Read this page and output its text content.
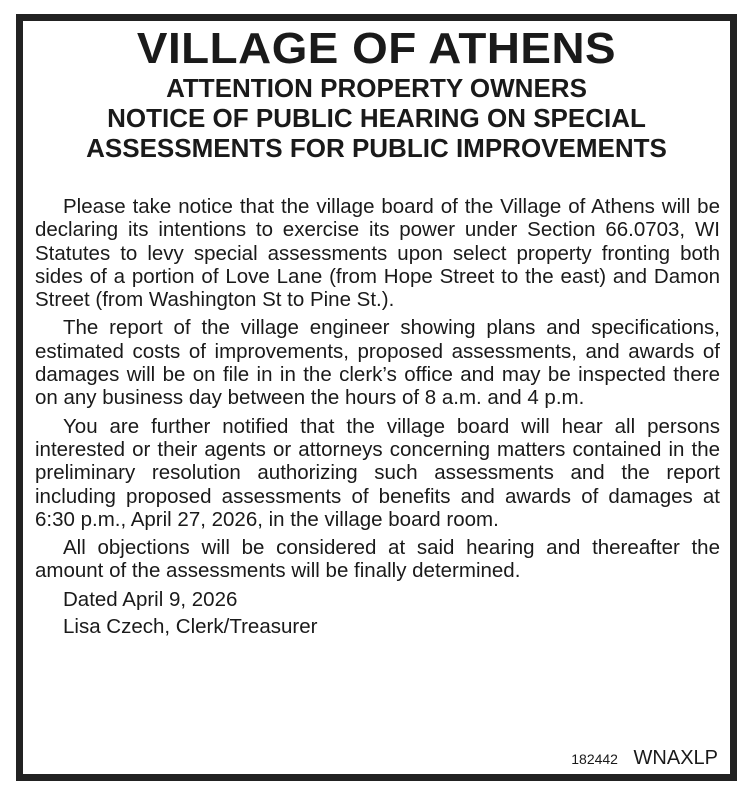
VILLAGE OF ATHENS
ATTENTION PROPERTY OWNERS
NOTICE OF PUBLIC HEARING ON SPECIAL
ASSESSMENTS FOR PUBLIC IMPROVEMENTS

Please take notice that the village board of the Village of Athens will be declaring its intentions to exercise its power under Section 66.0703, WI Statutes to levy special assessments upon select property fronting both sides of a portion of Love Lane (from Hope Street to the east) and Damon Street (from Washington St to Pine St.).

The report of the village engineer showing plans and specifications, estimated costs of improvements, proposed assessments, and awards of damages will be on file in in the clerk’s office and may be inspected there on any business day between the hours of 8 a.m. and 4 p.m.

You are further notified that the village board will hear all persons interested or their agents or attorneys concerning matters contained in the preliminary resolution authorizing such assessments and the report including proposed assessments of benefits and awards of damages at 6:30 p.m., April 27, 2026, in the village board room.

All objections will be considered at said hearing and thereafter the amount of the assessments will be finally determined.

Dated April 9, 2026

Lisa Czech, Clerk/Treasurer

182442 WNAXLP
